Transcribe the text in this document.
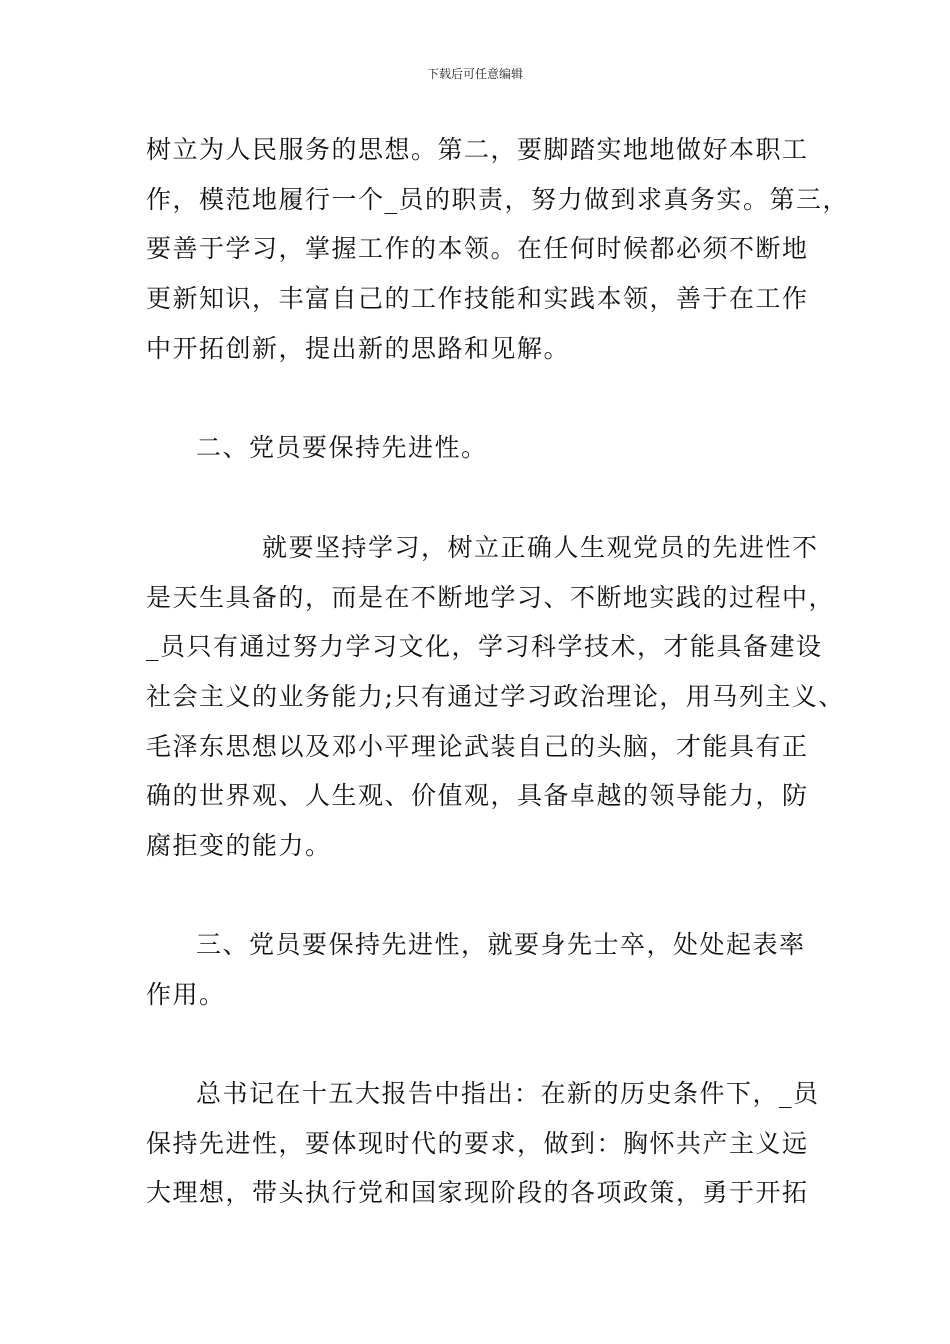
下载后可任意编辑
树立为人民服务的思想。第二，要脚踏实地地做好本职工
作，模范地履行一个_员的职责，努力做到求真务实。第三，
要善于学习，掌握工作的本领。在任何时候都必须不断地
更新知识，丰富自己的工作技能和实践本领，善于在工作
中开拓创新，提出新的思路和见解。
二、党员要保持先进性。
就要坚持学习，树立正确人生观党员的先进性不
是天生具备的，而是在不断地学习、不断地实践的过程中，
_员只有通过努力学习文化，学习科学技术，才能具备建设
社会主义的业务能力;只有通过学习政治理论，用马列主义、
毛泽东思想以及邓小平理论武装自己的头脑，才能具有正
确的世界观、人生观、价值观，具备卓越的领导能力，防
腐拒变的能力。
三、党员要保持先进性，就要身先士卒，处处起表率
作用。
总书记在十五大报告中指出：在新的历史条件下，_员
保持先进性，要体现时代的要求，做到：胸怀共产主义远
大理想，带头执行党和国家现阶段的各项政策，勇于开拓
